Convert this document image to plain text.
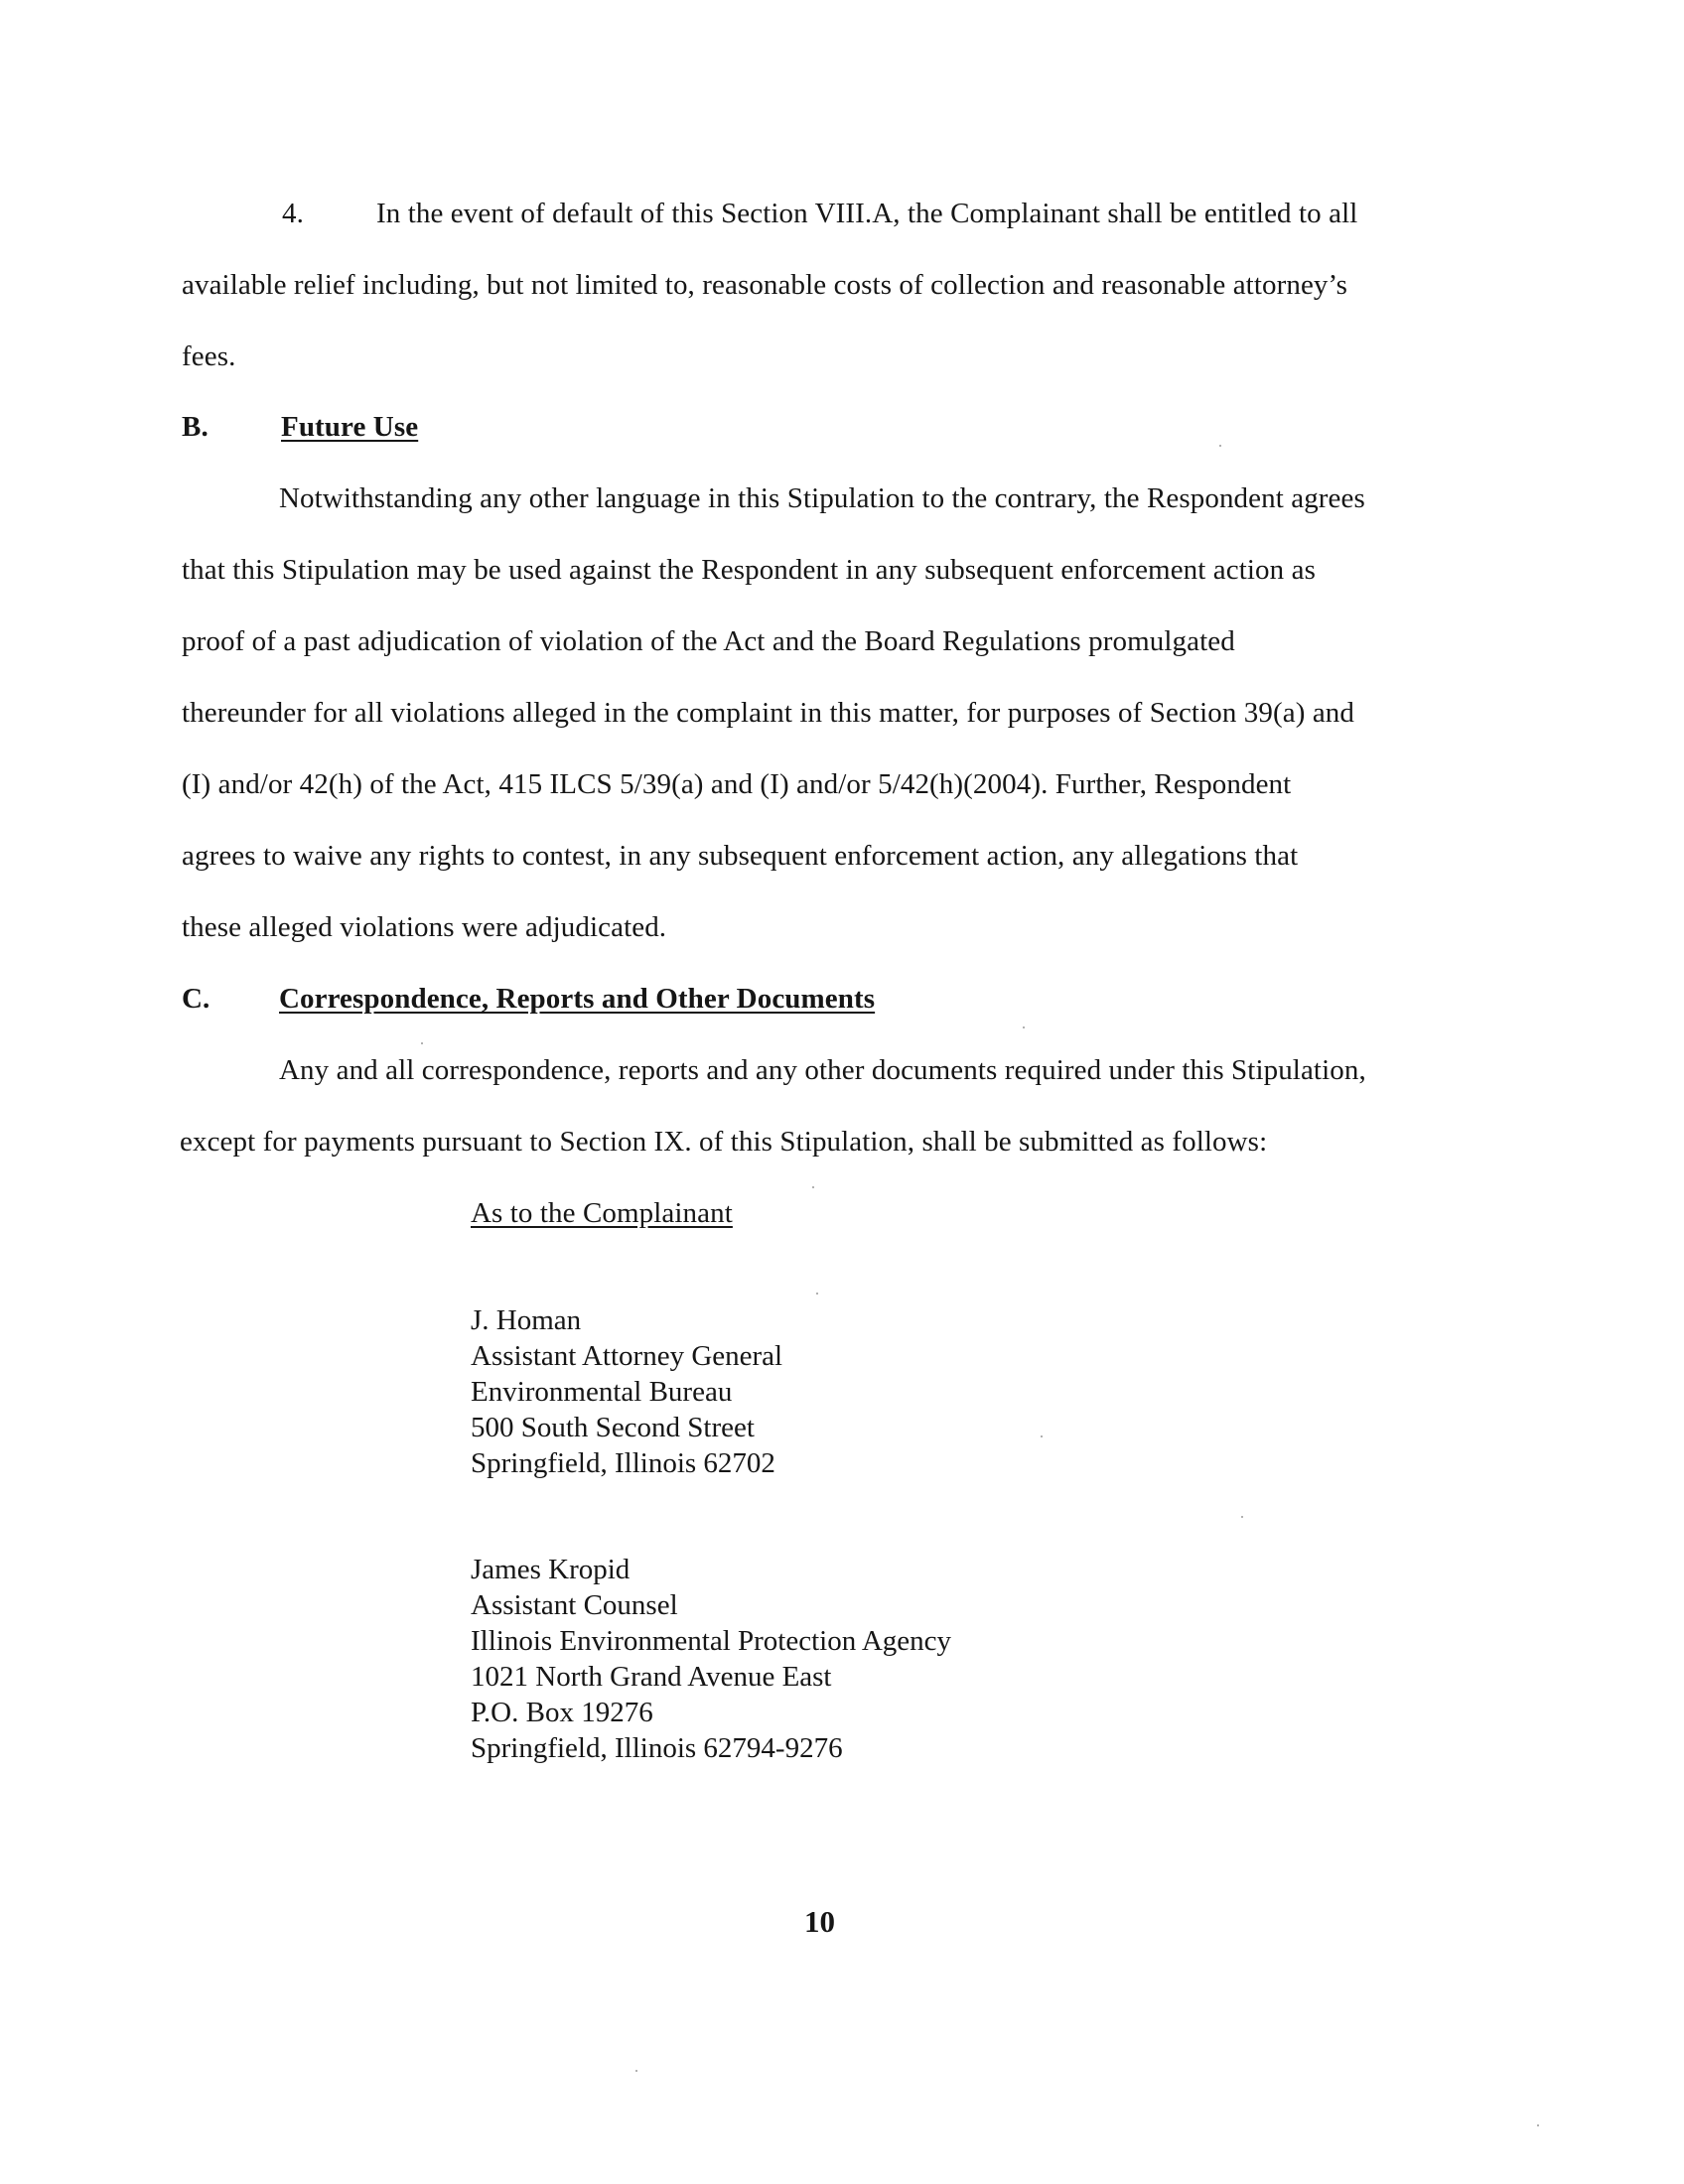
4.	In the event of default of this Section VIII.A, the Complainant shall be entitled to all
available relief including, but not limited to, reasonable costs of collection and reasonable attorney’s
fees.
B.	Future Use
Notwithstanding any other language in this Stipulation to the contrary, the Respondent agrees
that this Stipulation may be used against the Respondent in any subsequent enforcement action as
proof of a past adjudication of violation of the Act and the Board Regulations promulgated
thereunder for all violations alleged in the complaint in this matter, for purposes of Section 39(a) and
(I) and/or 42(h) of the Act, 415 ILCS 5/39(a) and (I) and/or 5/42(h)(2004). Further, Respondent
agrees to waive any rights to contest, in any subsequent enforcement action, any allegations that
these alleged violations were adjudicated.
C. Correspondence, Reports and Other Documents
Any and all correspondence, reports and any other documents required under this Stipulation,
except for payments pursuant to Section IX. of this Stipulation, shall be submitted as follows:
As to the Complainant
J. Homan
Assistant Attorney General
Environmental Bureau
500 South Second Street
Springfield, Illinois 62702
James Kropid
Assistant Counsel
Illinois Environmental Protection Agency
1021 North Grand Avenue East
P.O. Box 19276
Springfield, Illinois 62794-9276
10
